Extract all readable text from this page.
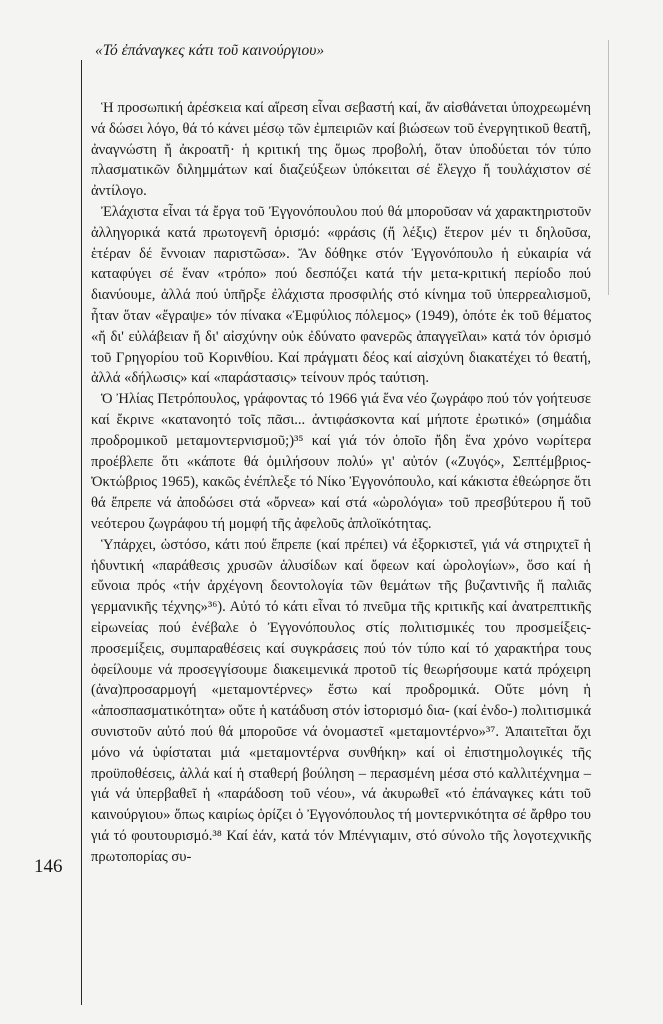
«Τό ἐπάναγκες κάτι τοῦ καινούργιου»

Ἡ προσωπική ἀρέσκεια καί αἵρεση εἶναι σεβαστή καί, ἄν αἰσθάνεται ὑποχρεωμένη νά δώσει λόγο, θά τό κάνει μέσῳ τῶν ἐμπειριῶν καί βιώσεων τοῦ ἐνεργητικοῦ θεατῆ, ἀναγνώστη ἤ ἀκροατῆ· ἡ κριτική της ὅμως προβολή, ὅταν ὑποδύεται τόν τύπο πλασματικῶν διλημμάτων καί διαζεύξεων ὑπόκειται σέ ἔλεγχο ἤ τουλάχιστον σέ ἀντίλογο.

Ἐλάχιστα εἶναι τά ἔργα τοῦ Ἐγγονόπουλου πού θά μποροῦσαν νά χαρακτηριστοῦν ἀλληγορικά κατά πρωτογενῆ ὁρισμό: «φράσις (ἤ λέξις) ἕτερον μέν τι δηλοῦσα, ἑτέραν δέ ἔννοιαν παριστῶσα». Ἄν δόθηκε στόν Ἐγγονόπουλο ἡ εὐκαιρία νά καταφύγει σέ ἕναν «τρόπο» πού δεσπόζει κατά τήν μετα-κριτική περίοδο πού διανύουμε, ἀλλά πού ὑπῆρξε ἐλάχιστα προσφιλής στό κίνημα τοῦ ὑπερρεαλισμοῦ, ἦταν ὅταν «ἔγραψε» τόν πίνακα «Ἐμφύλιος πόλεμος» (1949), ὁπότε ἐκ τοῦ θέματος «ἤ δι' εὐλάβειαν ἤ δι' αἰσχύνην οὐκ ἐδύνατο φανερῶς ἀπαγγεῖλαι» κατά τόν ὁρισμό τοῦ Γρηγορίου τοῦ Κορινθίου. Καί πράγματι δέος καί αἰσχύνη διακατέχει τό θεατή, ἀλλά «δήλωσις» καί «παράστασις» τείνουν πρός ταύτιση.

Ὁ Ἠλίας Πετρόπουλος, γράφοντας τό 1966 γιά ἕνα νέο ζωγράφο πού τόν γοήτευσε καί ἔκρινε «κατανοητό τοῖς πᾶσι... ἀντιφάσκοντα καί μήποτε ἐρωτικό» (σημάδια προδρομικοῦ μεταμοντερνισμοῦ;)³⁵ καί γιά τόν ὁποῖο ἤδη ἕνα χρόνο νωρίτερα προέβλεπε ὅτι «κάποτε θά ὁμιλήσουν πολύ» γι' αὐτόν («Ζυγός», Σεπτέμβριος-Ὀκτώβριος 1965), κακῶς ἐνέπλεξε τό Νίκο Ἐγγονόπουλο, καί κάκιστα ἐθεώρησε ὅτι θά ἔπρεπε νά ἀποδώσει στά «ὄρνεα» καί στά «ὡρολόγια» τοῦ πρεσβύτερου ἤ τοῦ νεότερου ζωγράφου τή μομφή τῆς ἀφελοῦς ἁπλοϊκότητας.

Ὑπάρχει, ὡστόσο, κάτι πού ἔπρεπε (καί πρέπει) νά ἐξορκιστεῖ, γιά νά στηριχτεῖ ἡ ἡδυντική «παράθεσις χρυσῶν ἁλυσίδων καί ὄφεων καί ὡρολογίων», ὅσο καί ἡ εὔνοια πρός «τήν ἀρχέγονη δεοντολογία τῶν θεμάτων τῆς βυζαντινῆς ἤ παλιᾶς γερμανικῆς τέχνης»³⁶). Αὐτό τό κάτι εἶναι τό πνεῦμα τῆς κριτικῆς καί ἀνατρεπτικῆς εἰρωνείας πού ἐνέβαλε ὁ Ἐγγονόπουλος στίς πολιτισμικές του προσμείξεις-προσεμίξεις, συμπαραθέσεις καί συγκράσεις πού τόν τύπο καί τό χαρακτήρα τους ὀφείλουμε νά προσεγγίσουμε διακειμενικά προτοῦ τίς θεωρήσουμε κατά πρόχειρη (ἀνα)προσαρμογή «μεταμοντέρνες» ἔστω καί προδρομικά. Οὔτε μόνη ἡ «ἀποσπασματικότητα» οὔτε ἡ κατάδυση στόν ἱστορισμό δια- (καί ἐνδο-) πολιτισμικά συνιστοῦν αὐτό πού θά μποροῦσε νά ὀνομαστεῖ «μεταμοντέρνο»³⁷. Ἀπαιτεῖται ὄχι μόνο νά ὑφίσταται μιά «μεταμοντέρνα συνθήκη» καί οἱ ἐπιστημολογικές τῆς προϋποθέσεις, ἀλλά καί ἡ σταθερή βούληση – περασμένη μέσα στό καλλιτέχνημα – γιά νά ὑπερβαθεῖ ἡ «παράδοση τοῦ νέου», νά ἀκυρωθεῖ «τό ἐπάναγκες κάτι τοῦ καινούργιου» ὅπως καιρίως ὁρίζει ὁ Ἐγγονόπουλος τή μοντερνικότητα σέ ἄρθρο του γιά τό φουτουρισμό.³⁸ Καί ἐάν, κατά τόν Μπένγιαμιν, στό σύνολο τῆς λογοτεχνικῆς πρωτοπορίας συ-

146
